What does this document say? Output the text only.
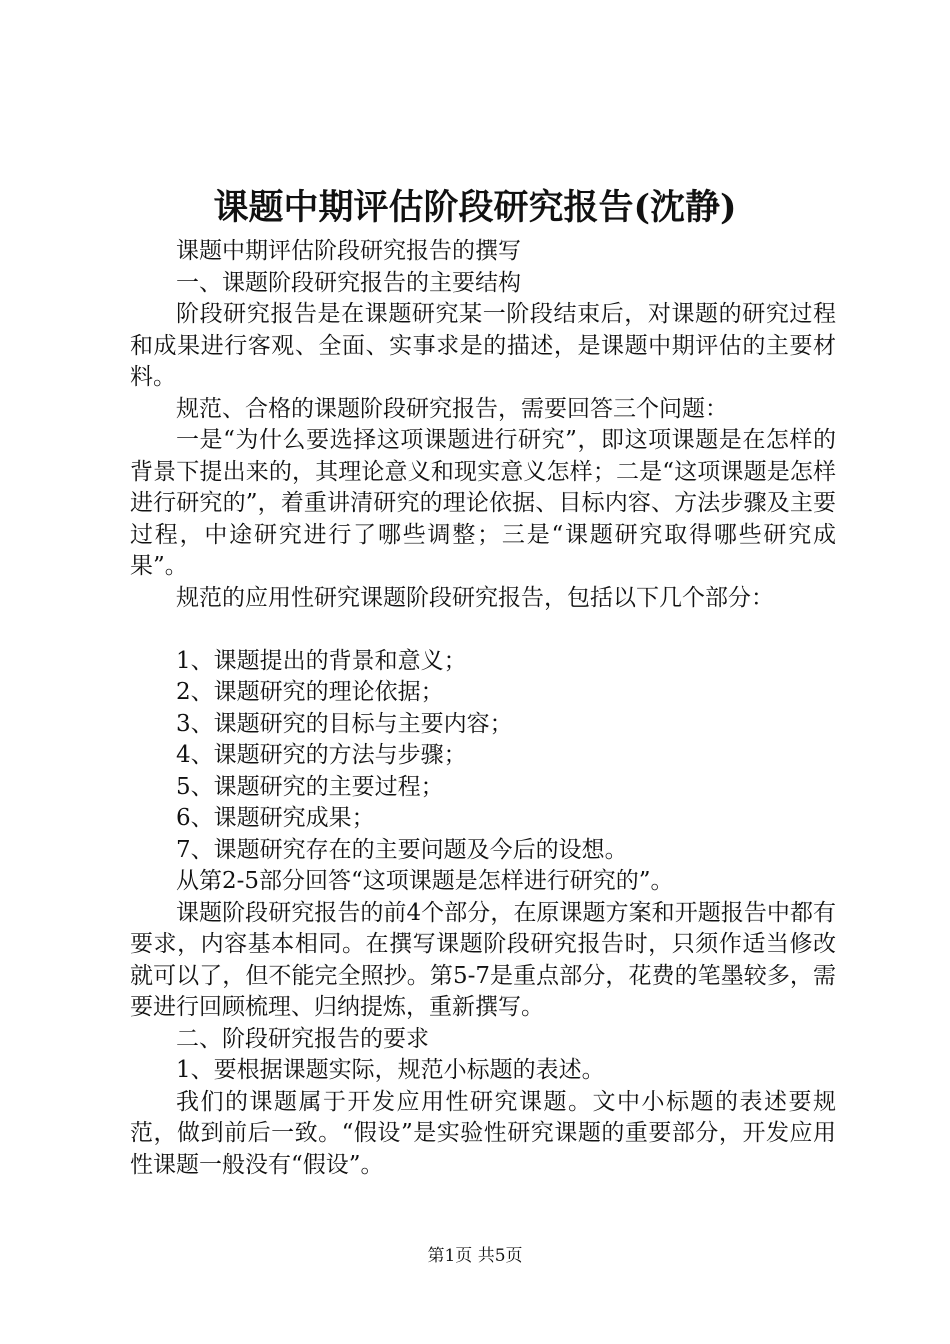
课题中期评估阶段研究报告(沈静)

课题中期评估阶段研究报告的撰写

一、课题阶段研究报告的主要结构

阶段研究报告是在课题研究某一阶段结束后，对课题的研究过程和成果进行客观、全面、实事求是的描述，是课题中期评估的主要材料。

规范、合格的课题阶段研究报告，需要回答三个问题：

一是“为什么要选择这项课题进行研究”，即这项课题是在怎样的背景下提出来的，其理论意义和现实意义怎样；二是“这项课题是怎样进行研究的”，着重讲清研究的理论依据、目标内容、方法步骤及主要过程，中途研究进行了哪些调整；三是“课题研究取得哪些研究成果”。

规范的应用性研究课题阶段研究报告，包括以下几个部分：

1、课题提出的背景和意义；

2、课题研究的理论依据；

3、课题研究的目标与主要内容；

4、课题研究的方法与步骤；

5、课题研究的主要过程；

6、课题研究成果；

7、课题研究存在的主要问题及今后的设想。

从第2-5部分回答“这项课题是怎样进行研究的”。

课题阶段研究报告的前4个部分，在原课题方案和开题报告中都有要求，内容基本相同。在撰写课题阶段研究报告时，只须作适当修改就可以了，但不能完全照抄。第5-7是重点部分，花费的笔墨较多，需要进行回顾梳理、归纳提炼，重新撰写。

二、阶段研究报告的要求

1、要根据课题实际，规范小标题的表述。

我们的课题属于开发应用性研究课题。文中小标题的表述要规范，做到前后一致。“假设”是实验性研究课题的重要部分，开发应用性课题一般没有“假设”。

第1页 共5页
